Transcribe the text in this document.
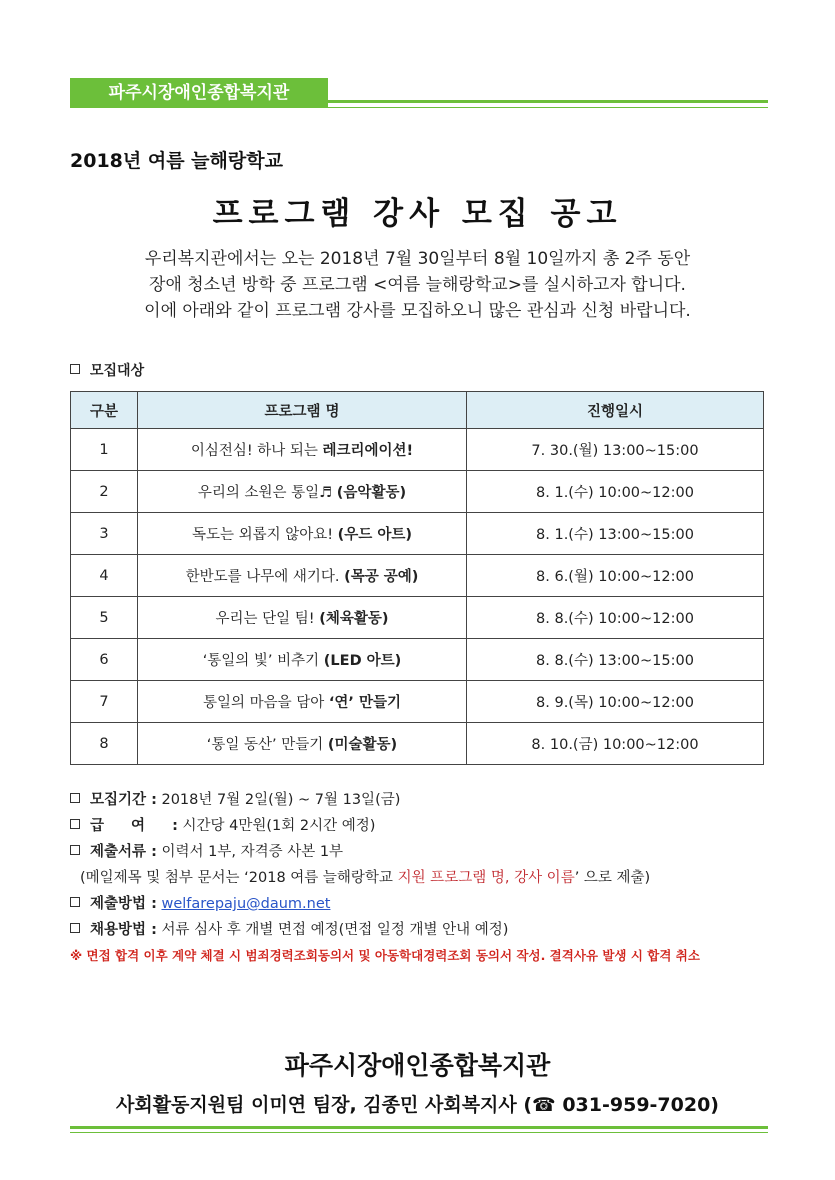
파주시장애인종합복지관
2018년 여름 늘해랑학교
프로그램 강사 모집 공고
우리복지관에서는 오는 2018년 7월 30일부터 8월 10일까지 총 2주 동안
장애 청소년 방학 중 프로그램 <여름 늘해랑학교>를 실시하고자 합니다.
이에 아래와 같이 프로그램 강사를 모집하오니 많은 관심과 신청 바랍니다.
모집대상
구분	프로그램 명	진행일시
1	이심전심! 하나 되는 레크리에이션!	7. 30.(월) 13:00~15:00
2	우리의 소원은 통일♬ (음악활동)	8. 1.(수) 10:00~12:00
3	독도는 외롭지 않아요! (우드 아트)	8. 1.(수) 13:00~15:00
4	한반도를 나무에 새기다. (목공 공예)	8. 6.(월) 10:00~12:00
5	우리는 단일 팀! (체육활동)	8. 8.(수) 10:00~12:00
6	‘통일의 빛’ 비추기 (LED 아트)	8. 8.(수) 13:00~15:00
7	통일의 마음을 담아 ‘연’ 만들기	8. 9.(목) 10:00~12:00
8	‘통일 동산’ 만들기 (미술활동)	8. 10.(금) 10:00~12:00
모집기간 : 2018년 7월 2일(월) ~ 7월 13일(금)
급 여 : 시간당 4만원(1회 2시간 예정)
제출서류 : 이력서 1부, 자격증 사본 1부
(메일제목 및 첨부 문서는 ‘2018 여름 늘해랑학교 지원 프로그램 명, 강사 이름’ 으로 제출)
제출방법 : welfarepaju@daum.net
채용방법 : 서류 심사 후 개별 면접 예정(면접 일정 개별 안내 예정)
※ 면접 합격 이후 계약 체결 시 범죄경력조회동의서 및 아동학대경력조회 동의서 작성. 결격사유 발생 시 합격 취소
파주시장애인종합복지관
사회활동지원팀 이미연 팀장, 김종민 사회복지사 (☎ 031-959-7020)
